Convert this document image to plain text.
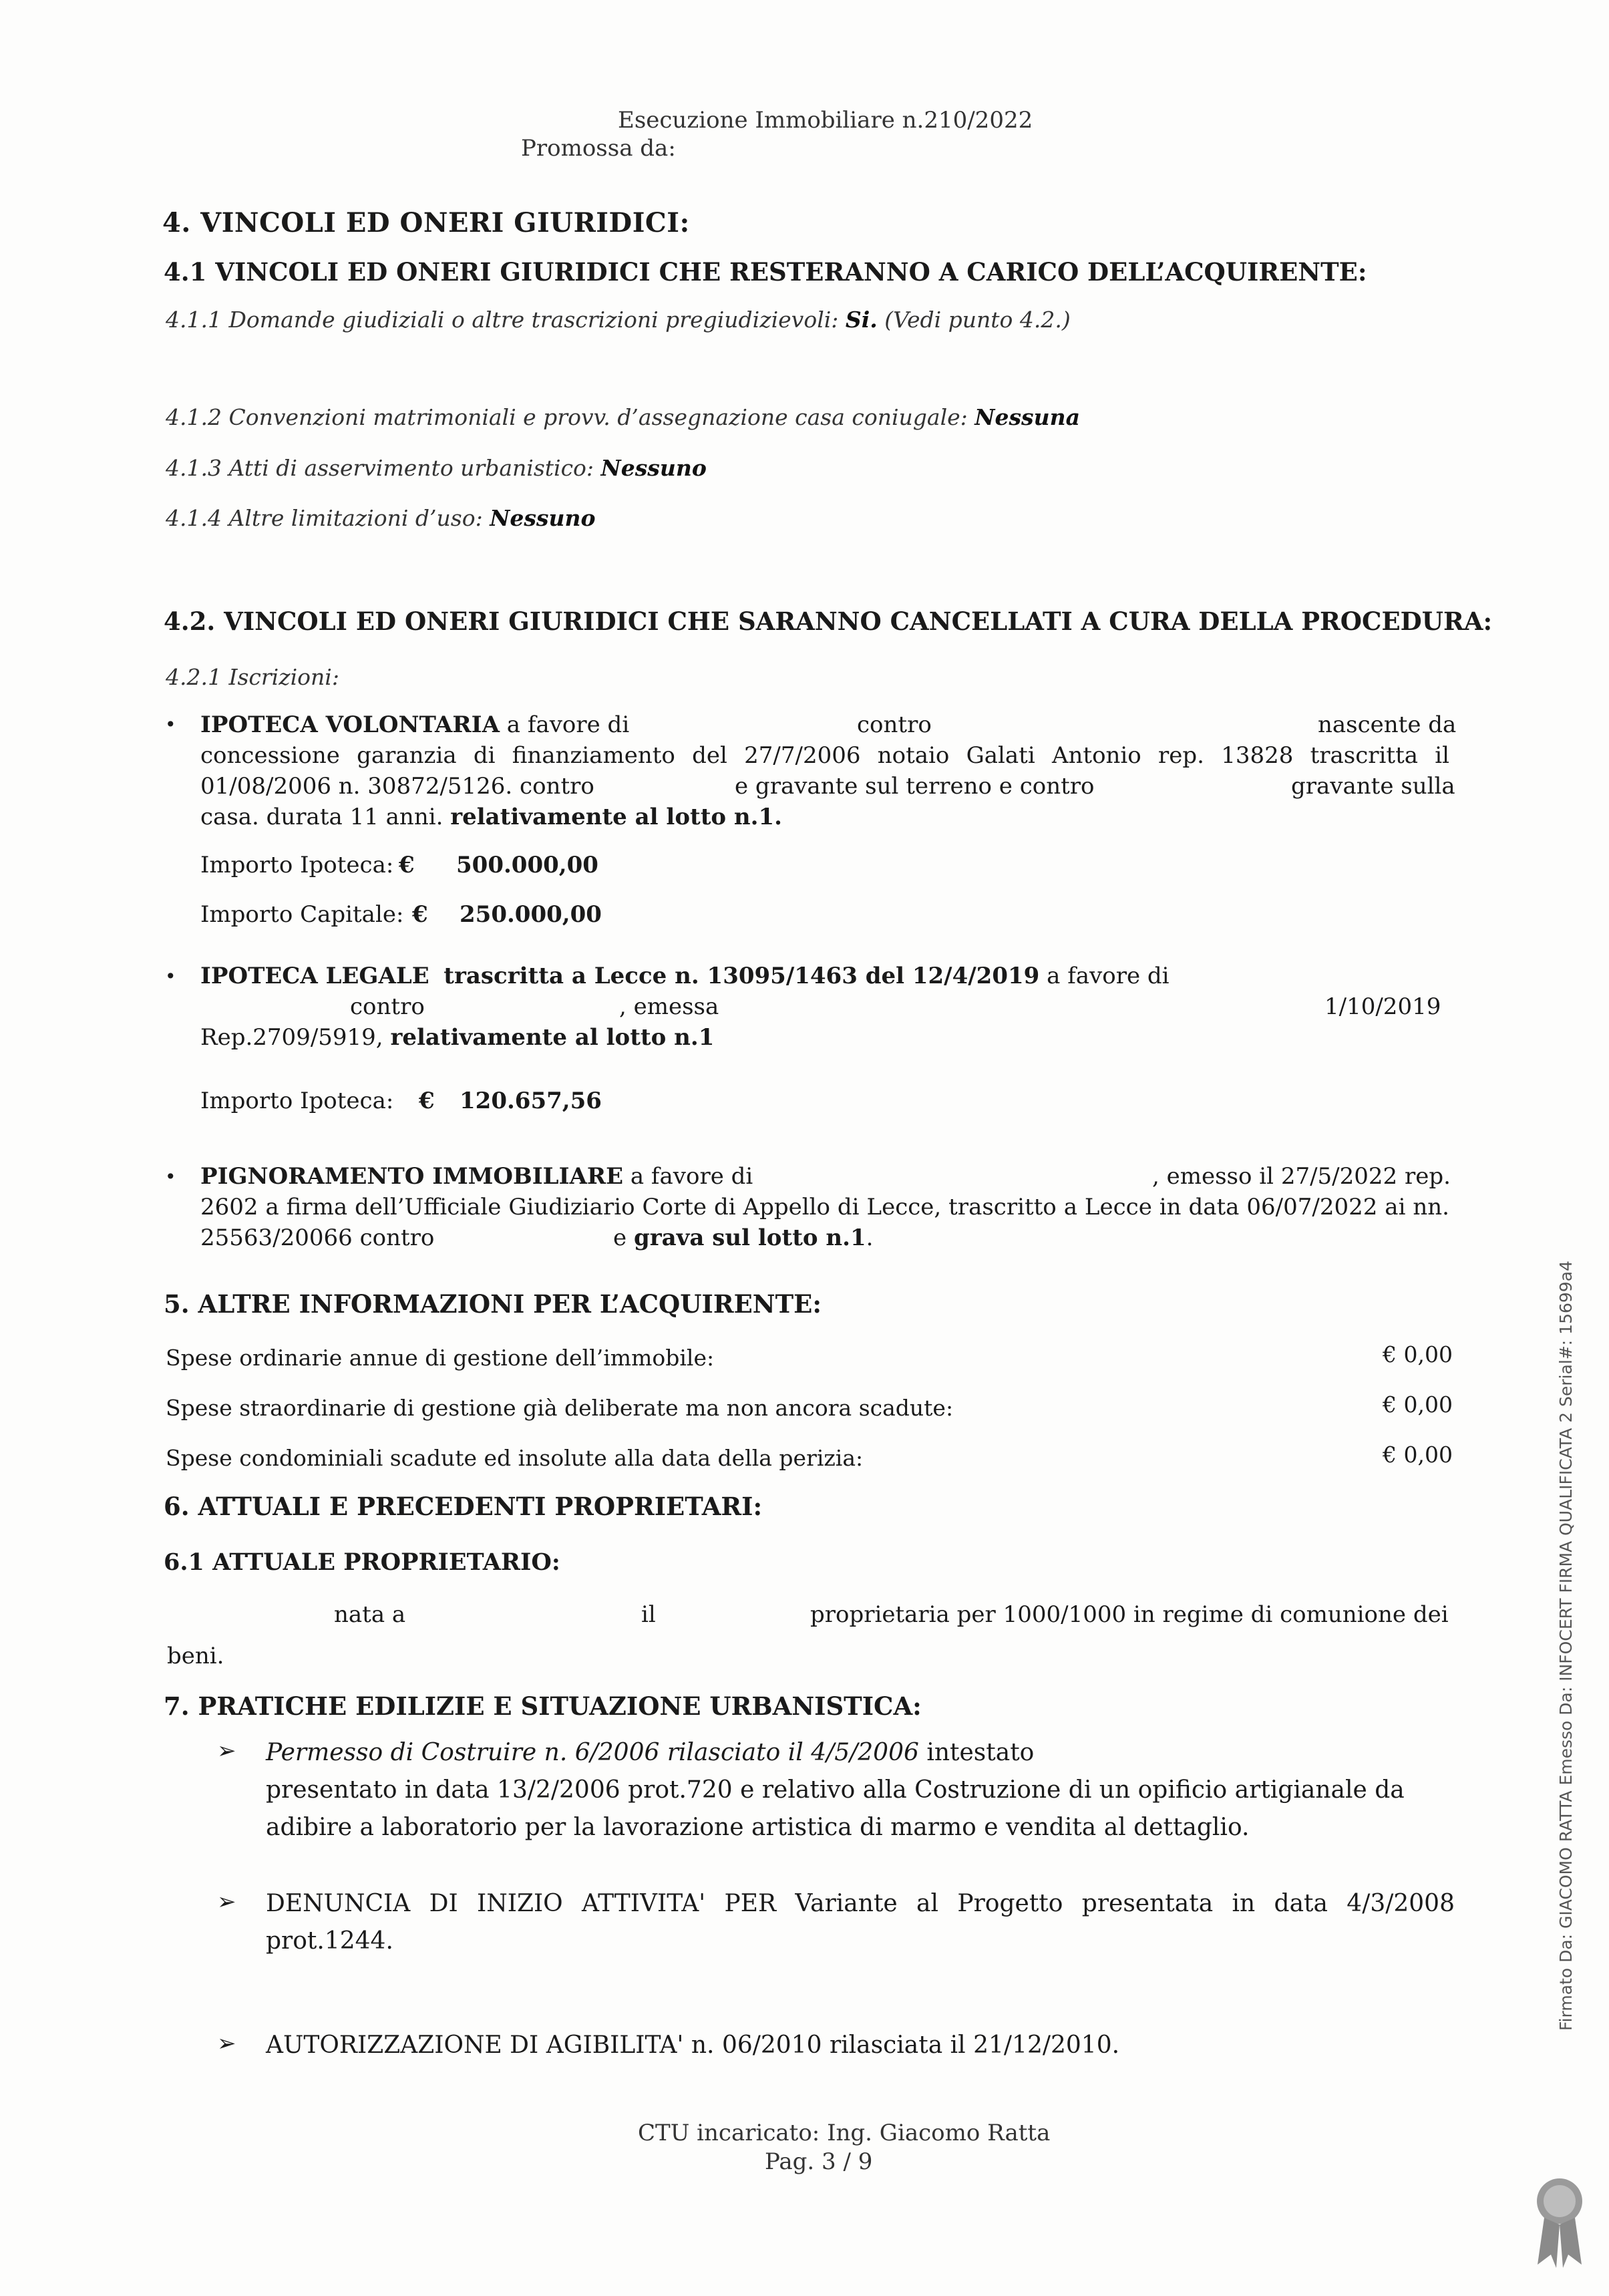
Esecuzione Immobiliare n.210/2022
Promossa da:
4. VINCOLI ED ONERI GIURIDICI:
4.1 VINCOLI ED ONERI GIURIDICI CHE RESTERANNO A CARICO DELL’ACQUIRENTE:
4.1.1 Domande giudiziali o altre trascrizioni pregiudizievoli: Si. (Vedi punto 4.2.)
4.1.2 Convenzioni matrimoniali e provv. d’assegnazione casa coniugale: Nessuna
4.1.3 Atti di asservimento urbanistico: Nessuno
4.1.4 Altre limitazioni d’uso: Nessuno
4.2. VINCOLI ED ONERI GIURIDICI CHE SARANNO CANCELLATI A CURA DELLA PROCEDURA:
4.2.1 Iscrizioni:
• IPOTECA VOLONTARIA a favore di	contro	nascente da
concessione garanzia di finanziamento del 27/7/2006 notaio Galati Antonio rep. 13828 trascritta il
01/08/2006 n. 30872/5126. contro	e gravante sul terreno e contro	gravante sulla
casa. durata 11 anni. relativamente al lotto n.1.
Importo Ipoteca: € 500.000,00
Importo Capitale: € 250.000,00
• IPOTECA LEGALE trascritta a Lecce n. 13095/1463 del 12/4/2019 a favore di
contro	, emessa	1/10/2019
Rep.2709/5919, relativamente al lotto n.1
Importo Ipoteca: € 120.657,56
• PIGNORAMENTO IMMOBILIARE a favore di	, emesso il 27/5/2022 rep.
2602 a firma dell’Ufficiale Giudiziario Corte di Appello di Lecce, trascritto a Lecce in data 06/07/2022 ai nn.
25563/20066 contro	e grava sul lotto n.1.
5. ALTRE INFORMAZIONI PER L’ACQUIRENTE:
Spese ordinarie annue di gestione dell’immobile:	€ 0,00
Spese straordinarie di gestione già deliberate ma non ancora scadute:	€ 0,00
Spese condominiali scadute ed insolute alla data della perizia:	€ 0,00
6. ATTUALI E PRECEDENTI PROPRIETARI:
6.1 ATTUALE PROPRIETARIO:
nata a	il	proprietaria per 1000/1000 in regime di comunione dei
beni.
7. PRATICHE EDILIZIE E SITUAZIONE URBANISTICA:
➢ Permesso di Costruire n. 6/2006 rilasciato il 4/5/2006 intestato
presentato in data 13/2/2006 prot.720 e relativo alla Costruzione di un opificio artigianale da
adibire a laboratorio per la lavorazione artistica di marmo e vendita al dettaglio.
➢ DENUNCIA DI INIZIO ATTIVITA' PER Variante al Progetto presentata in data 4/3/2008
prot.1244.
➢ AUTORIZZAZIONE DI AGIBILITA' n. 06/2010 rilasciata il 21/12/2010.
CTU incaricato: Ing. Giacomo Ratta
Pag. 3 / 9
Firmato Da: GIACOMO RATTA Emesso Da: INFOCERT FIRMA QUALIFICATA 2 Serial#: 15699a4
